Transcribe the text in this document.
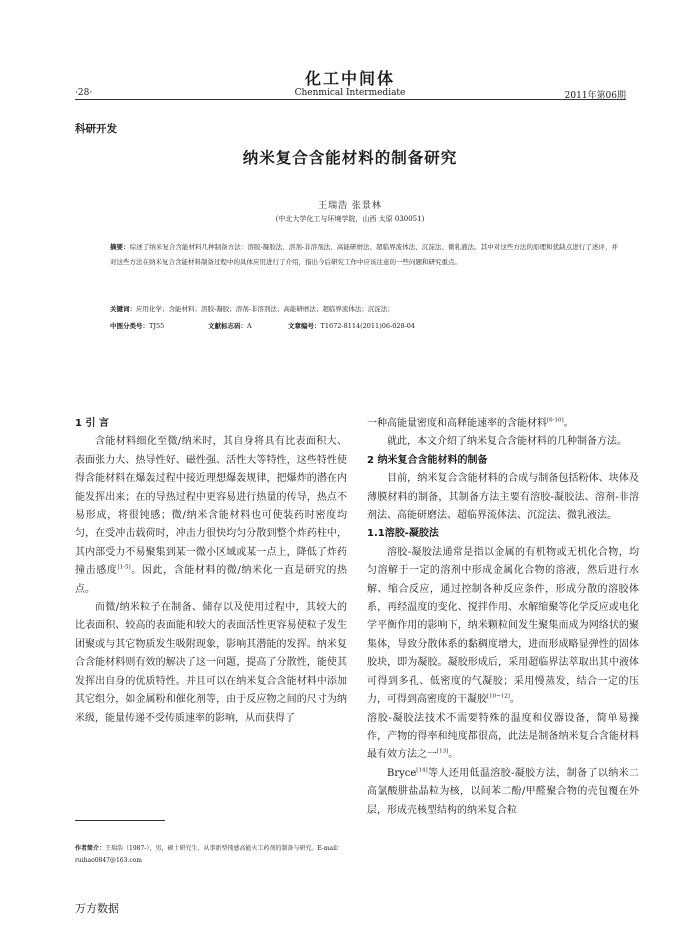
化工中间体
·28·	Chenmical Intermediate	2011年第06期
科研开发
纳米复合含能材料的制备研究
王瑞浩 张景林
(中北大学化工与环境学院，山西 太原 030051)

摘要：综述了纳米复合含能材料几种制备方法：溶胶-凝胶法、溶剂-非溶剂法、高能研磨法、超临界流体法、沉淀法、微乳液法。其中对这些方法的原理和优缺点进行了述评，并对这些方法在纳米复合含能材料制备过程中的具体应用进行了介绍，指出今后研究工作中应该注意的一些问题和研究重点。

关键词：应用化学；含能材料；溶胶-凝胶；溶剂-非溶剂法；高能研磨法；超临界流体法；沉淀法；
中图分类号：TJ55	文献标志码：A	文章编号：T1672-8114(2011)06-028-04

1 引 言

含能材料细化至微/纳米时，其自身将具有比表面积大、表面张力大、热导性好、磁性强、活性大等特性，这些特性使得含能材料在爆轰过程中接近理想爆轰规律，把爆炸的潜在内能发挥出来；在的导热过程中更容易进行热量的传导，热点不易形成，将很钝感；微/纳米含能材料也可使装药时密度均匀，在受冲击载荷时，冲击力很快均匀分散到整个炸药柱中，其内部受力不易聚集到某一微小区域或某一点上，降低了炸药撞击感度[1-5]。因此，含能材料的微/纳米化一直是研究的热点。

而微/纳米粒子在制备、储存以及使用过程中，其较大的比表面积、较高的表面能和较大的表面活性更容易使粒子发生团聚或与其它物质发生吸附现象，影响其潜能的发挥。纳米复合含能材料则有效的解决了这一问题，提高了分散性，能使其发挥出自身的优质特性。并且可以在纳米复合含能材料中添加其它组分，如金属粉和催化剂等，由于反应物之间的尺寸为纳米级，能量传递不受传质速率的影响，从而获得了

一种高能量密度和高释能速率的含能材料[6-10]。

就此，本文介绍了纳米复合含能材料的几种制备方法。

2 纳米复合含能材料的制备

目前，纳米复合含能材料的合成与制备包括粉体、块体及薄膜材料的制备，其制备方法主要有溶胶-凝胶法、溶剂-非溶剂法、高能研磨法、超临界流体法、沉淀法、微乳液法。

1.1溶胶-凝胶法

溶胶-凝胶法通常是指以金属的有机物或无机化合物，均匀溶解于一定的溶剂中形成金属化合物的溶液，然后进行水解、缩合反应，通过控制各种反应条件，形成分散的溶胶体系，再经温度的变化、搅拌作用、水解缩聚等化学反应或电化学平衡作用的影响下，纳米颗粒间发生聚集而成为网络状的聚集体，导致分散体系的黏稠度增大，进而形成略显弹性的固体胶块，即为凝胶。凝胶形成后，采用超临界法萃取出其中液体可得到多孔、低密度的气凝胶；采用慢蒸发，结合一定的压力，可得到高密度的干凝胶[10~12]。

溶胶-凝胶法技术不需要特殊的温度和仪器设备，简单易操作，产物的得率和纯度都很高，此法是制备纳米复合含能材料最有效方法之一[13]。

Bryce[14]等人还用低温溶胶-凝胶方法，制备了以纳米二高氯酸肼盐晶粒为核，以间苯二酚/甲醛聚合物的壳包覆在外层，形成壳核型结构的纳米复合粒

作者简介：王瑞浩（1987-），男，硕士研究生，从事新型钝感高能火工药剂的制备与研究。E-mail：ruihao0847@163.com
万方数据
